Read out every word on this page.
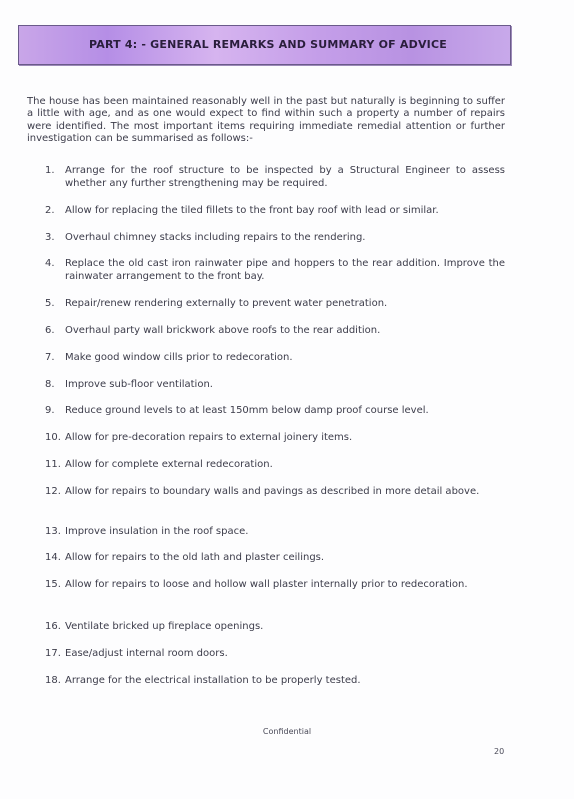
PART 4: - GENERAL REMARKS AND SUMMARY OF ADVICE
The house has been maintained reasonably well in the past but naturally is beginning to suffer a little with age, and as one would expect to find within such a property a number of repairs were identified. The most important items requiring immediate remedial attention or further investigation can be summarised as follows:-
1.	Arrange for the roof structure to be inspected by a Structural Engineer to assess whether any further strengthening may be required.
2.	Allow for replacing the tiled fillets to the front bay roof with lead or similar.
3.	Overhaul chimney stacks including repairs to the rendering.
4.	Replace the old cast iron rainwater pipe and hoppers to the rear addition. Improve the rainwater arrangement to the front bay.
5.	Repair/renew rendering externally to prevent water penetration.
6.	Overhaul party wall brickwork above roofs to the rear addition.
7.	Make good window cills prior to redecoration.
8.	Improve sub-floor ventilation.
9.	Reduce ground levels to at least 150mm below damp proof course level.
10. Allow for pre-decoration repairs to external joinery items.
11. Allow for complete external redecoration.
12. Allow for repairs to boundary walls and pavings as described in more detail above.
13. Improve insulation in the roof space.
14. Allow for repairs to the old lath and plaster ceilings.
15. Allow for repairs to loose and hollow wall plaster internally prior to redecoration.
16. Ventilate bricked up fireplace openings.
17. Ease/adjust internal room doors.
18. Arrange for the electrical installation to be properly tested.
Confidential
20
